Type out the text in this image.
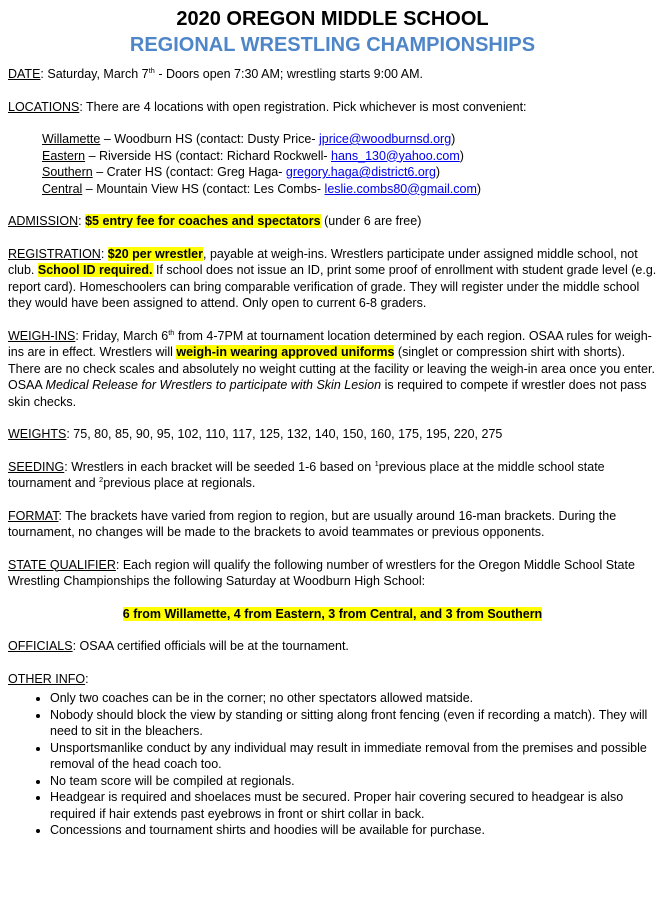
2020 OREGON MIDDLE SCHOOL

REGIONAL WRESTLING CHAMPIONSHIPS

DATE: Saturday, March 7th - Doors open 7:30 AM; wrestling starts 9:00 AM.

LOCATIONS: There are 4 locations with open registration. Pick whichever is most convenient:

Willamette – Woodburn HS (contact: Dusty Price- jprice@woodburnsd.org)

Eastern – Riverside HS (contact: Richard Rockwell- hans_130@yahoo.com)

Southern – Crater HS (contact: Greg Haga- gregory.haga@district6.org)

Central – Mountain View HS (contact: Les Combs- leslie.combs80@gmail.com)

ADMISSION: $5 entry fee for coaches and spectators (under 6 are free)

REGISTRATION: $20 per wrestler, payable at weigh-ins. Wrestlers participate under assigned middle school, not club. School ID required. If school does not issue an ID, print some proof of enrollment with student grade level (e.g. report card). Homeschoolers can bring comparable verification of grade. They will register under the middle school they would have been assigned to attend. Only open to current 6-8 graders.

WEIGH-INS: Friday, March 6th from 4-7PM at tournament location determined by each region. OSAA rules for weigh-ins are in effect. Wrestlers will weigh-in wearing approved uniforms (singlet or compression shirt with shorts). There are no check scales and absolutely no weight cutting at the facility or leaving the weigh-in area once you enter. OSAA Medical Release for Wrestlers to participate with Skin Lesion is required to compete if wrestler does not pass skin checks.

WEIGHTS: 75, 80, 85, 90, 95, 102, 110, 117, 125, 132, 140, 150, 160, 175, 195, 220, 275

SEEDING: Wrestlers in each bracket will be seeded 1-6 based on $^1$previous place at the middle school state tournament and $^2$previous place at regionals.

FORMAT: The brackets have varied from region to region, but are usually around 16-man brackets. During the tournament, no changes will be made to the brackets to avoid teammates or previous opponents.

STATE QUALIFIER: Each region will qualify the following number of wrestlers for the Oregon Middle School State Wrestling Championships the following Saturday at Woodburn High School:

6 from Willamette, 4 from Eastern, 3 from Central, and 3 from Southern

OFFICIALS: OSAA certified officials will be at the tournament.

OTHER INFO:

• Only two coaches can be in the corner; no other spectators allowed matside.
• Nobody should block the view by standing or sitting along front fencing (even if recording a match). They will need to sit in the bleachers.
• Unsportsmanlike conduct by any individual may result in immediate removal from the premises and possible removal of the head coach too.
• No team score will be compiled at regionals.
• Headgear is required and shoelaces must be secured. Proper hair covering secured to headgear is also required if hair extends past eyebrows in front or shirt collar in back.
• Concessions and tournament shirts and hoodies will be available for purchase.
